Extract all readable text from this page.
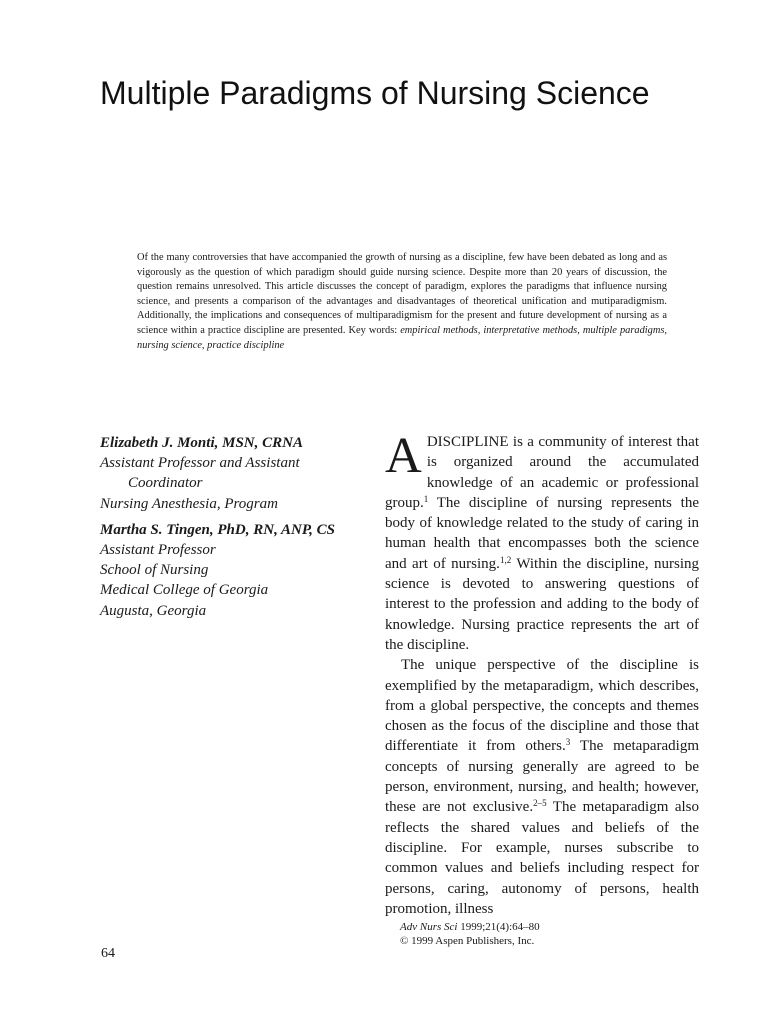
Multiple Paradigms of Nursing Science

Of the many controversies that have accompanied the growth of nursing as a discipline, few have been debated as long and as vigorously as the question of which paradigm should guide nursing science. Despite more than 20 years of discussion, the question remains unresolved. This article discusses the concept of paradigm, explores the paradigms that influence nursing science, and presents a comparison of the advantages and disadvantages of theoretical unification and mutiparadigmism. Additionally, the implications and consequences of multiparadigmism for the present and future development of nursing as a science within a practice discipline are presented. Key words: empirical methods, interpretative methods, multiple paradigms, nursing science, practice discipline

Elizabeth J. Monti, MSN, CRNA
Assistant Professor and Assistant
Coordinator
Nursing Anesthesia, Program
Martha S. Tingen, PhD, RN, ANP, CS
Assistant Professor
School of Nursing
Medical College of Georgia
Augusta, Georgia

ADISCIPLINE is a community of interest that is organized around the accumulated knowledge of an academic or professional group.$^1$ The discipline of nursing represents the body of knowledge related to the study of caring in human health that encompasses both the science and art of nursing.$^{1,2}$ Within the discipline, nursing science is devoted to answering questions of interest to the profession and adding to the body of knowledge. Nursing practice represents the art of the discipline.

The unique perspective of the discipline is exemplified by the metaparadigm, which describes, from a global perspective, the concepts and themes chosen as the focus of the discipline and those that differentiate it from others.$^3$ The metaparadigm concepts of nursing generally are agreed to be person, environment, nursing, and health; however, these are not exclusive.$^{2-5}$ The metaparadigm also reflects the shared values and beliefs of the discipline. For example, nurses subscribe to common values and beliefs including respect for persons, caring, autonomy of persons, health promotion, illness

Adv Nurs Sci 1999;21(4):64–80
© 1999 Aspen Publishers, Inc.
64
